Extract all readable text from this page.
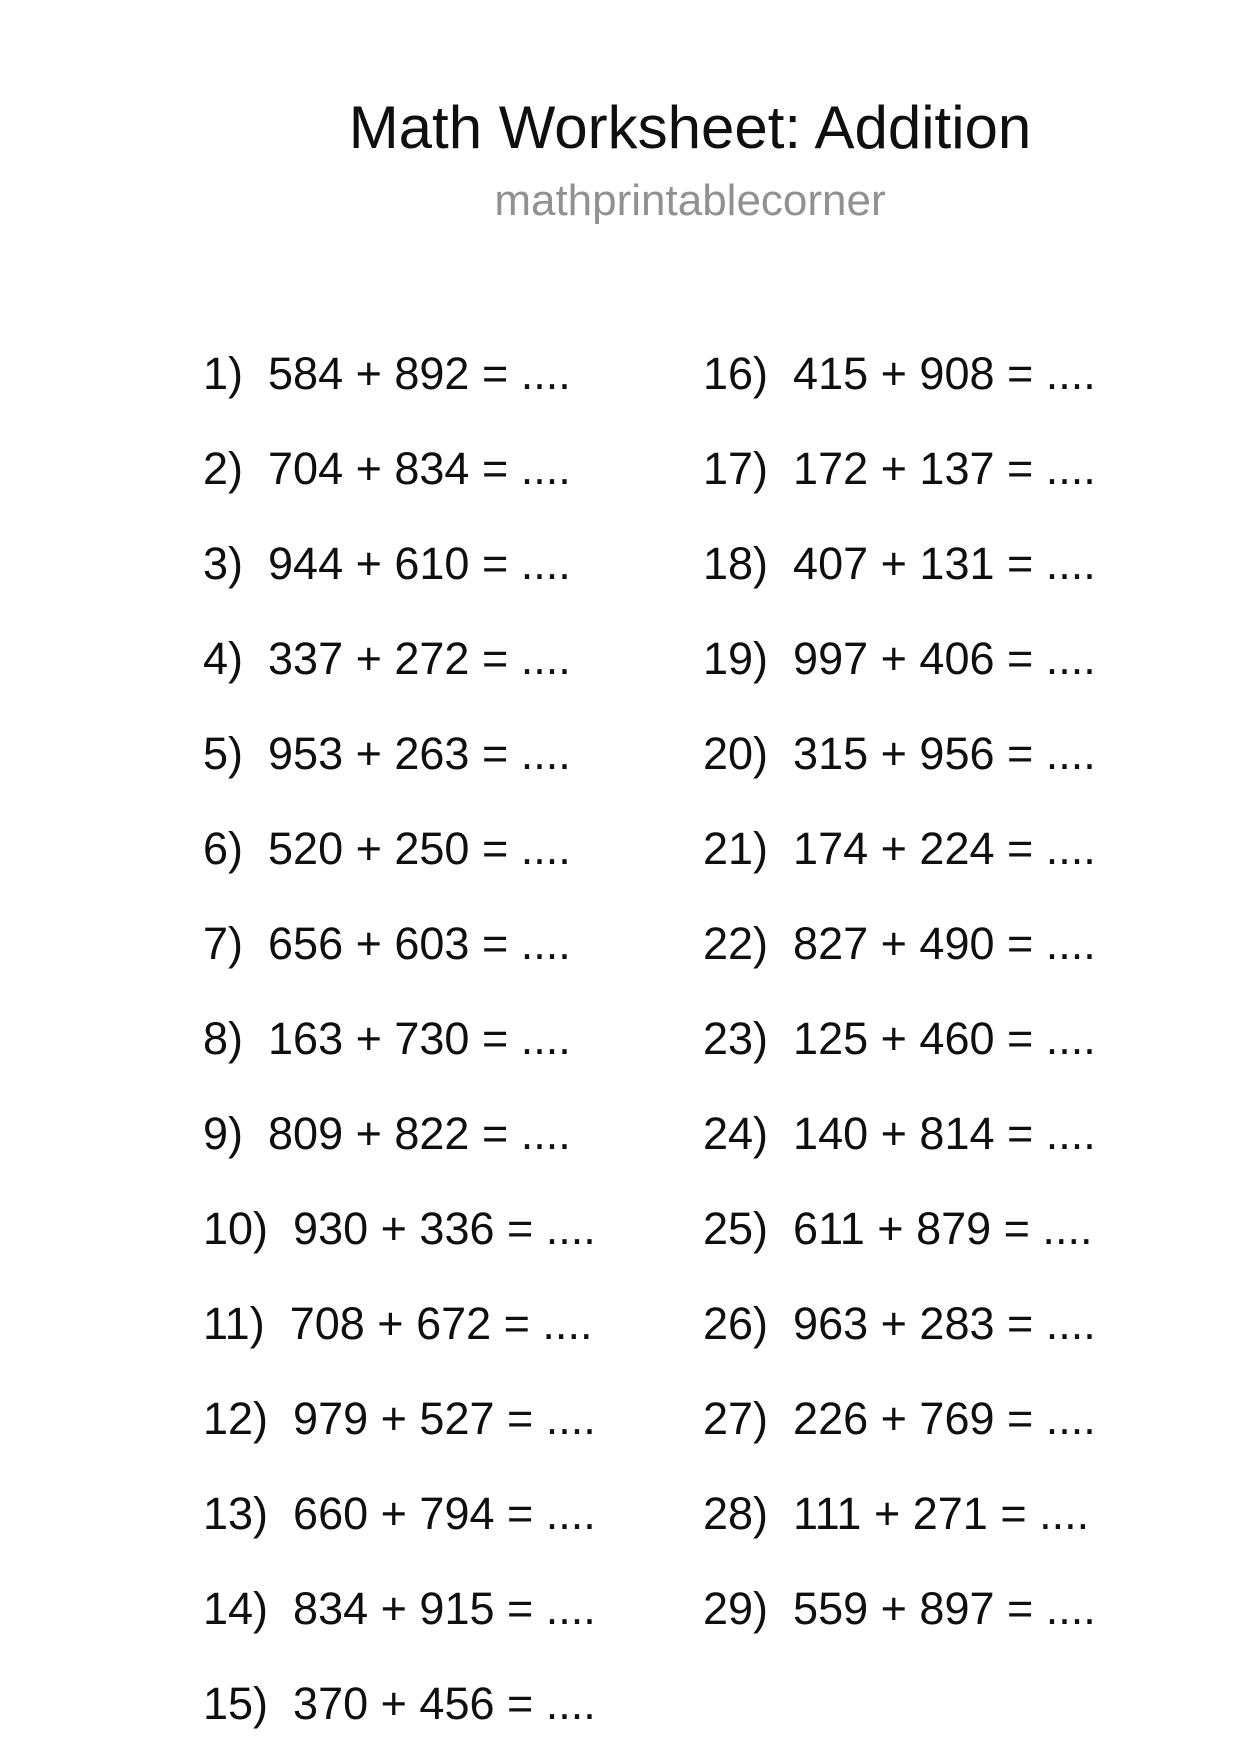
Math Worksheet: Addition
mathprintablecorner
1) 584 + 892 = ....
2) 704 + 834 = ....
3) 944 + 610 = ....
4) 337 + 272 = ....
5) 953 + 263 = ....
6) 520 + 250 = ....
7) 656 + 603 = ....
8) 163 + 730 = ....
9) 809 + 822 = ....
10) 930 + 336 = ....
11) 708 + 672 = ....
12) 979 + 527 = ....
13) 660 + 794 = ....
14) 834 + 915 = ....
15) 370 + 456 = ....
16) 415 + 908 = ....
17) 172 + 137 = ....
18) 407 + 131 = ....
19) 997 + 406 = ....
20) 315 + 956 = ....
21) 174 + 224 = ....
22) 827 + 490 = ....
23) 125 + 460 = ....
24) 140 + 814 = ....
25) 611 + 879 = ....
26) 963 + 283 = ....
27) 226 + 769 = ....
28) 111 + 271 = ....
29) 559 + 897 = ....
